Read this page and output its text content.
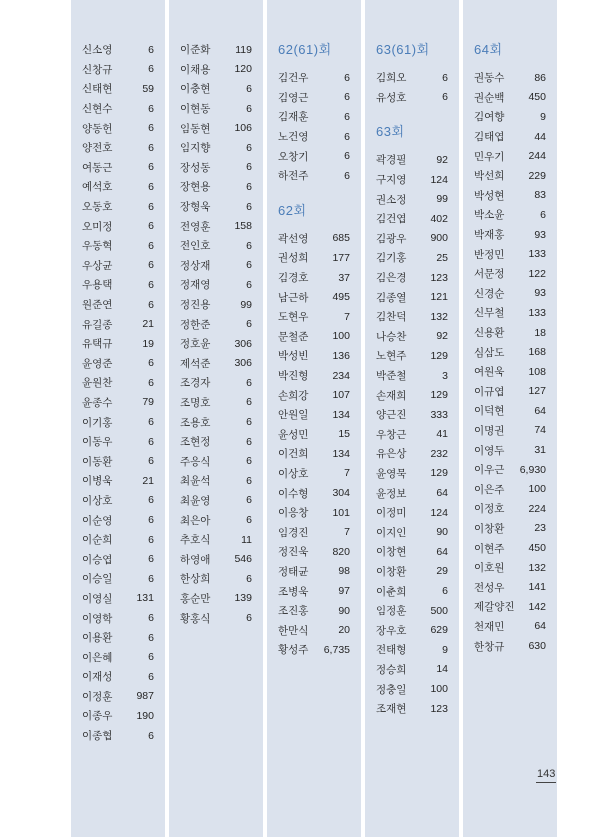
신소영	6
신창규	6
신태현	59
신현수	6
양동헌	6
양전호	6
여동근	6
예석호	6
오동호	6
오미정	6
우동혁	6
우상균	6
우용택	6
원준연	6
유길종	21
유택규	19
윤영준	6
윤원찬	6
윤종수	79
이기홍	6
이동우	6
이동환	6
이병욱	21
이상호	6
이순영	6
이순희	6
이승엽	6
이승일	6
이영실 131
이영학	6
이용환	6
이은혜	6
이재성	6
이정훈 987
이종우 190
이종협	6
이준화 119
이채용 120
이충현	6
이현동	6
임동현 106
임지향	6
장성동	6
장현용	6
장형욱	6
전영훈 158
전인호	6
정상재	6
정재영	6
정진용	99
정한준	6
정호윤 306
제석준 306
조경자	6
조명호	6
조용호	6
조현정	6
주응식	6
최윤석	6
최윤영	6
최은아	6
추호식	11
하영애 546
한상희	6
홍순만 139
황홍식	6
62(61)회
김건우	6
김영근	6
김재훈	6
노건영	6
오창기	6
하전주	6
62회
곽선영 685
권성희 177
김경호	37
남근하 495
도현우	7
문철준 100
박성빈 136
박진형 234
손희강 107
안원일 134
윤성민	15
이건희 134
이상호	7
이수형 304
이응창 101
임경진	7
정진욱 820
정태균	98
조병욱	97
조진홍	90
한만식	20
황성주 6,735
63(61)회
김희오	6
유성호	6
63회
곽경필	92
구지영 124
권소정	99
김건엽 402
김광우 900
김기홍	25
김은경 123
김종열 121
김찬덕 132
나승찬	92
노현주 129
박준철	3
손재희 129
양근진 333
우창근	41
유은상 232
윤영묵 129
윤정보	64
이정미 124
이지인	90
이창현	64
이창환	29
이춘희	6
임정훈 500
장우호 629
전태형	9
정승희	14
정충일 100
조재현 123
64회
권동수	86
권순백 450
김여향	9
김태엽	44
민우기 244
박선희 229
박성현	83
박소윤	6
박재홍	93
반정민 133
서문정 122
신경순	93
신무철 133
신용환	18
심삼도 168
여원욱 108
이규엽 127
이덕현	64
이명권	74
이영두	31
이우근 6,930
이은주 100
이정호 224
이창환	23
이현주 450
이호원 132
전성우 141
제갈양진 142
천재민	64
한창규 630
143
